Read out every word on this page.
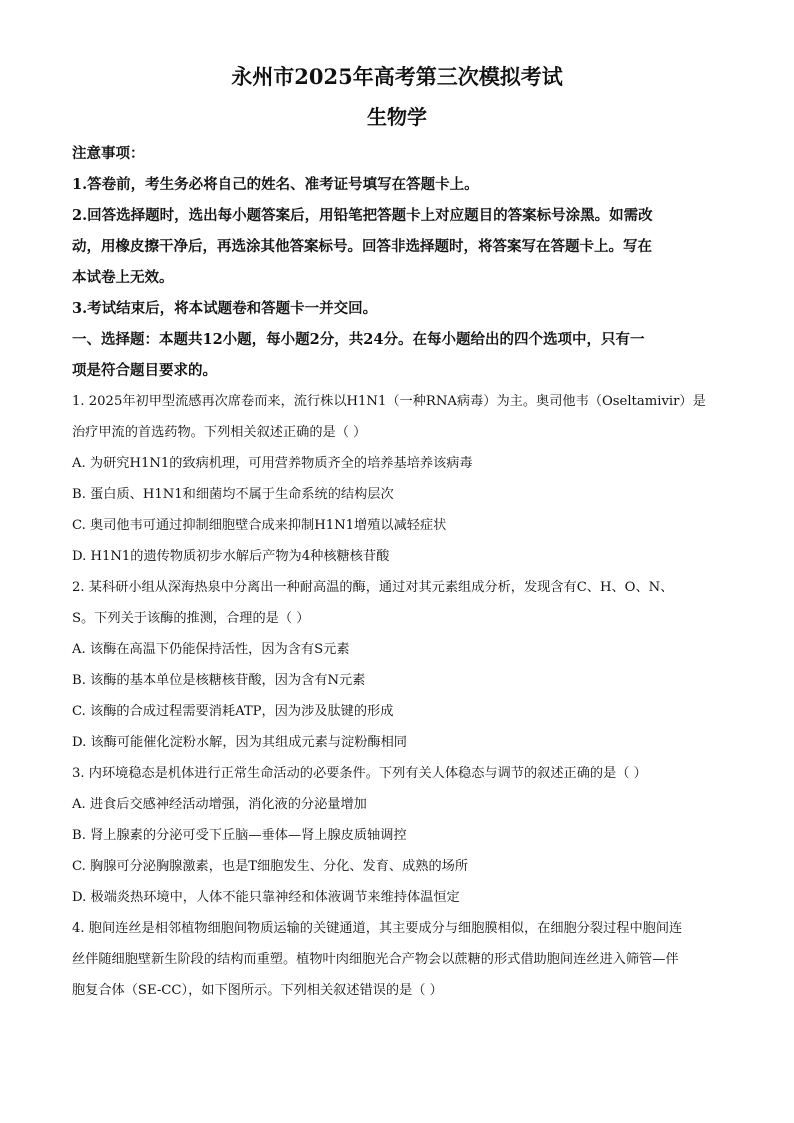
永州市2025年高考第三次模拟考试
生物学

注意事项：

1.答卷前，考生务必将自己的姓名、准考证号填写在答题卡上。

2.回答选择题时，选出每小题答案后，用铅笔把答题卡上对应题目的答案标号涂黑。如需改

动，用橡皮擦干净后，再选涂其他答案标号。回答非选择题时，将答案写在答题卡上。写在

本试卷上无效。

3.考试结束后，将本试题卷和答题卡一并交回。

一、选择题：本题共12小题，每小题2分，共24分。在每小题给出的四个选项中，只有一

项是符合题目要求的。

1. 2025年初甲型流感再次席卷而来，流行株以H1N1（一种RNA病毒）为主。奥司他韦（Oseltamivir）是

治疗甲流的首选药物。下列相关叙述正确的是（ ）

A. 为研究H1N1的致病机理，可用营养物质齐全的培养基培养该病毒

B. 蛋白质、H1N1和细菌均不属于生命系统的结构层次

C. 奥司他韦可通过抑制细胞壁合成来抑制H1N1增殖以减轻症状

D. H1N1的遗传物质初步水解后产物为4种核糖核苷酸

2. 某科研小组从深海热泉中分离出一种耐高温的酶，通过对其元素组成分析，发现含有C、H、O、N、

S。下列关于该酶的推测，合理的是（ ）

A. 该酶在高温下仍能保持活性，因为含有S元素

B. 该酶的基本单位是核糖核苷酸，因为含有N元素

C. 该酶的合成过程需要消耗ATP，因为涉及肽键的形成

D. 该酶可能催化淀粉水解，因为其组成元素与淀粉酶相同

3. 内环境稳态是机体进行正常生命活动的必要条件。下列有关人体稳态与调节的叙述正确的是（ ）

A. 进食后交感神经活动增强，消化液的分泌量增加

B. 肾上腺素的分泌可受下丘脑—垂体—肾上腺皮质轴调控

C. 胸腺可分泌胸腺激素，也是T细胞发生、分化、发育、成熟的场所

D. 极端炎热环境中，人体不能只靠神经和体液调节来维持体温恒定

4. 胞间连丝是相邻植物细胞间物质运输的关键通道，其主要成分与细胞膜相似，在细胞分裂过程中胞间连

丝伴随细胞壁新生阶段的结构而重塑。植物叶肉细胞光合产物会以蔗糖的形式借助胞间连丝进入筛管—伴

胞复合体（SE-CC），如下图所示。下列相关叙述错误的是（ ）
